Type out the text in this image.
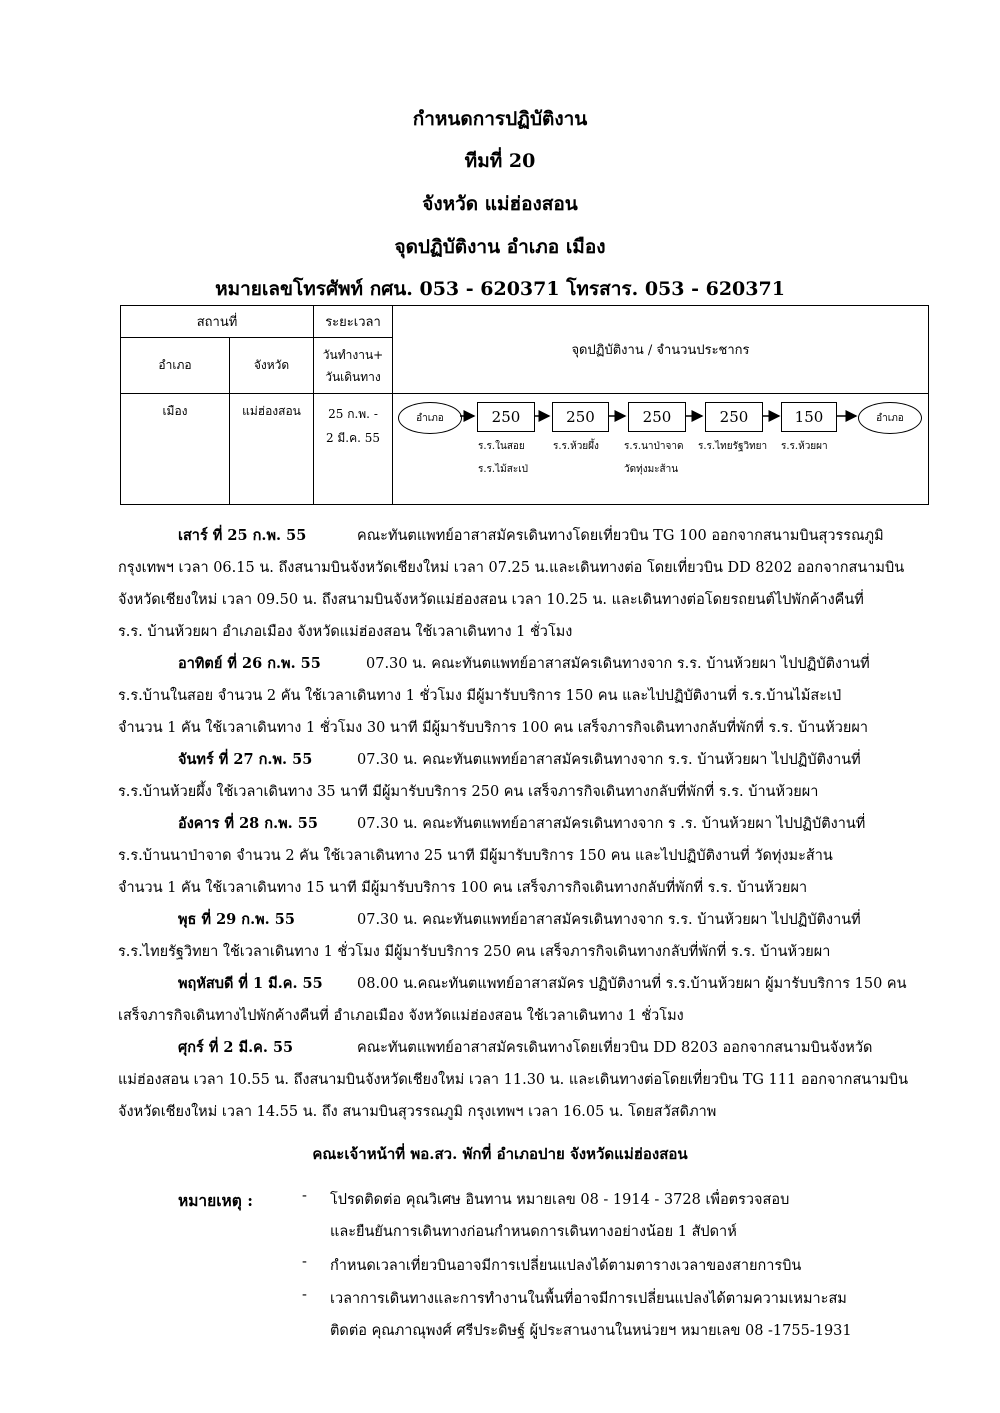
กำหนดการปฏิบัติงาน
ทีมที่ 20
จังหวัด แม่ฮ่องสอน
จุดปฏิบัติงาน อำเภอ เมือง
หมายเลขโทรศัพท์ กศน. 053 - 620371 โทรสาร. 053 - 620371
สถานที่		ระยะเวลา	จุดปฏิบัติงาน / จำนวนประชากร
อำเภอ	จังหวัด	วันทำงาน+
วันเดินทาง	
เมือง	แม่ฮ่องสอน	25 ก.พ. -
2 มี.ค. 55	
อำเภอ	250	250	250	250	150	อำเภอ
ร.ร.ในสอย
ร.ร.ไม้สะเป่
ร.ร.ห้วยผึ้ง	ร.ร.นาป่าจาด
วัดทุ่งมะส้าน
ร.ร.ไทยรัฐวิทยา ร.ร.ห้วยผา
เสาร์ ที่ 25 ก.พ. 55	คณะทันตแพทย์อาสาสมัครเดินทางโดยเที่ยวบิน TG 100 ออกจากสนามบินสุวรรณภูมิ
กรุงเทพฯ เวลา 06.15 น. ถึงสนามบินจังหวัดเชียงใหม่ เวลา 07.25 น.และเดินทางต่อ โดยเที่ยวบิน DD 8202 ออกจากสนามบิน
จังหวัดเชียงใหม่ เวลา 09.50 น. ถึงสนามบินจังหวัดแม่ฮ่องสอน เวลา 10.25 น. และเดินทางต่อโดยรถยนต์ไปพักค้างคืนที่
ร.ร. บ้านห้วยผา อำเภอเมือง จังหวัดแม่ฮ่องสอน ใช้เวลาเดินทาง 1 ชั่วโมง
อาทิตย์ ที่ 26 ก.พ. 55	07.30 น. คณะทันตแพทย์อาสาสมัครเดินทางจาก ร.ร. บ้านห้วยผา ไปปฏิบัติงานที่
ร.ร.บ้านในสอย จำนวน 2 คัน ใช้เวลาเดินทาง 1 ชั่วโมง มีผู้มารับบริการ 150 คน และไปปฏิบัติงานที่ ร.ร.บ้านไม้สะเป่
จำนวน 1 คัน ใช้เวลาเดินทาง 1 ชั่วโมง 30 นาที มีผู้มารับบริการ 100 คน เสร็จภารกิจเดินทางกลับที่พักที่ ร.ร. บ้านห้วยผา
จันทร์ ที่ 27 ก.พ. 55	07.30 น. คณะทันตแพทย์อาสาสมัครเดินทางจาก ร.ร. บ้านห้วยผา ไปปฏิบัติงานที่
ร.ร.บ้านห้วยผึ้ง ใช้เวลาเดินทาง 35 นาที มีผู้มารับบริการ 250 คน เสร็จภารกิจเดินทางกลับที่พักที่ ร.ร. บ้านห้วยผา
อังคาร ที่ 28 ก.พ. 55	07.30 น. คณะทันตแพทย์อาสาสมัครเดินทางจาก ร .ร. บ้านห้วยผา ไปปฏิบัติงานที่
ร.ร.บ้านนาป่าจาด จำนวน 2 คัน ใช้เวลาเดินทาง 25 นาที มีผู้มารับบริการ 150 คน และไปปฏิบัติงานที่ วัดทุ่งมะส้าน
จำนวน 1 คัน ใช้เวลาเดินทาง 15 นาที มีผู้มารับบริการ 100 คน เสร็จภารกิจเดินทางกลับที่พักที่ ร.ร. บ้านห้วยผา
พุธ ที่ 29 ก.พ. 55	07.30 น. คณะทันตแพทย์อาสาสมัครเดินทางจาก ร.ร. บ้านห้วยผา ไปปฏิบัติงานที่
ร.ร.ไทยรัฐวิทยา ใช้เวลาเดินทาง 1 ชั่วโมง มีผู้มารับบริการ 250 คน เสร็จภารกิจเดินทางกลับที่พักที่ ร.ร. บ้านห้วยผา
พฤหัสบดี ที่ 1 มี.ค. 55 08.00 น.คณะทันตแพทย์อาสาสมัคร ปฏิบัติงานที่ ร.ร.บ้านห้วยผา ผู้มารับบริการ 150 คน
เสร็จภารกิจเดินทางไปพักค้างคืนที่ อำเภอเมือง จังหวัดแม่ฮ่องสอน ใช้เวลาเดินทาง 1 ชั่วโมง
ศุกร์ ที่ 2 มี.ค. 55	คณะทันตแพทย์อาสาสมัครเดินทางโดยเที่ยวบิน DD 8203 ออกจากสนามบินจังหวัด
แม่ฮ่องสอน เวลา 10.55 น. ถึงสนามบินจังหวัดเชียงใหม่ เวลา 11.30 น. และเดินทางต่อโดยเที่ยวบิน TG 111 ออกจากสนามบิน
จังหวัดเชียงใหม่ เวลา 14.55 น. ถึง สนามบินสุวรรณภูมิ กรุงเทพฯ เวลา 16.05 น. โดยสวัสดิภาพ
คณะเจ้าหน้าที่ พอ.สว. พักที่ อำเภอปาย จังหวัดแม่ฮ่องสอน
หมายเหตุ :	- โปรดติดต่อ คุณวิเศษ อินทาน หมายเลข 08 - 1914 - 3728 เพื่อตรวจสอบ
และยืนยันการเดินทางก่อนกำหนดการเดินทางอย่างน้อย 1 สัปดาห์
- กำหนดเวลาเที่ยวบินอาจมีการเปลี่ยนแปลงได้ตามตารางเวลาของสายการบิน
- เวลาการเดินทางและการทำงานในพื้นที่อาจมีการเปลี่ยนแปลงได้ตามความเหมาะสม
ติดต่อ คุณภาณุพงศ์ ศรีประดิษฐ์ ผู้ประสานงานในหน่วยฯ หมายเลข 08 -1755-1931
